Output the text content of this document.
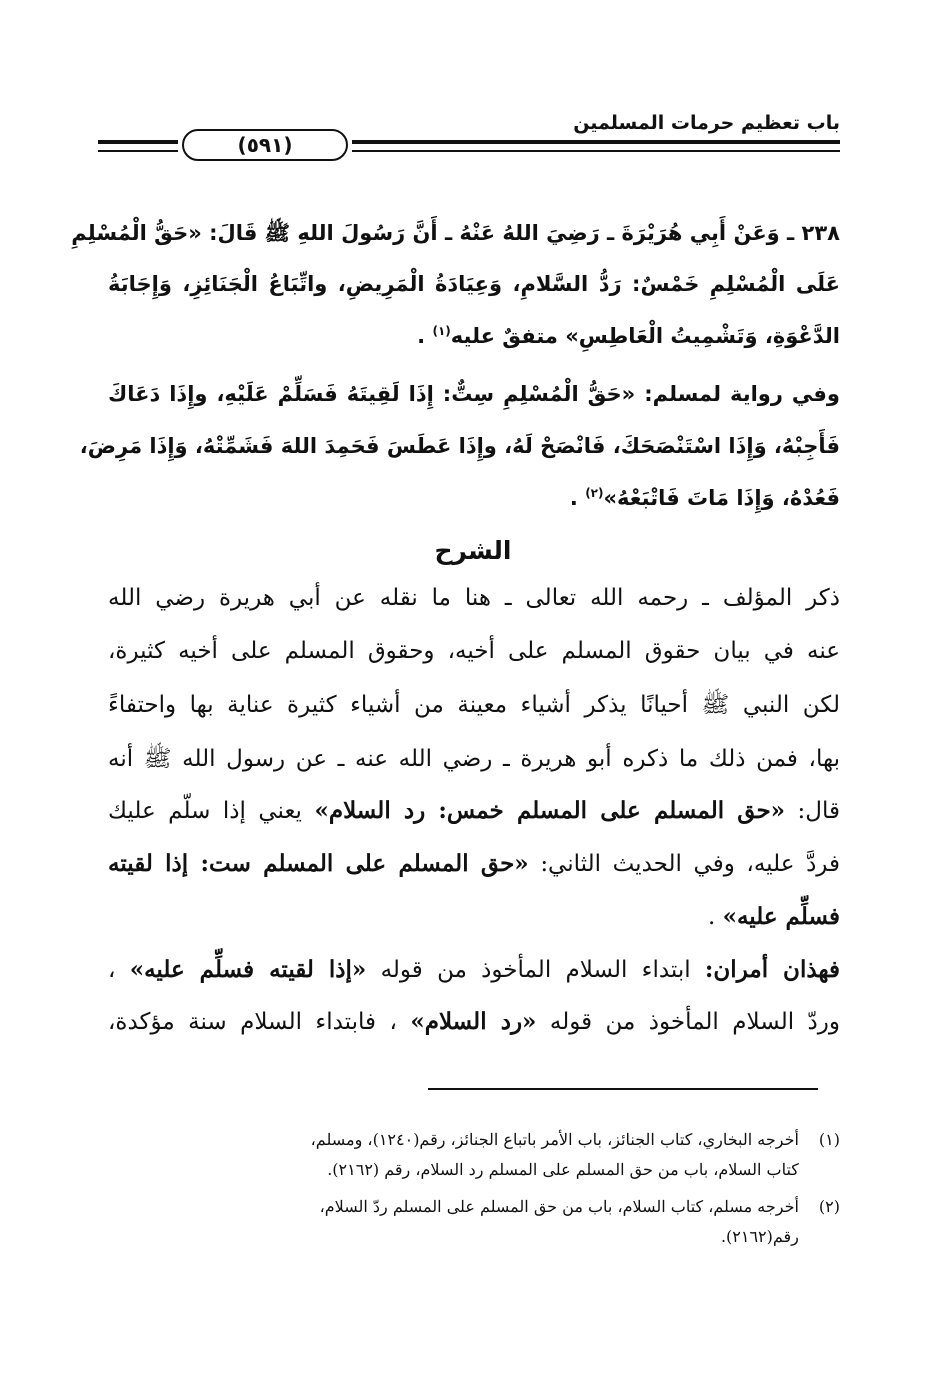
باب تعظيم حرمات المسلمين
(٥٩١)
٢٣٨ ـ وَعَنْ أَبِي هُرَيْرَةَ ـ رَضِيَ اللهُ عَنْهُ ـ أَنَّ رَسُولَ اللهِ ﷺ قَالَ: «حَقُّ الْمُسْلِمِ
عَلَى الْمُسْلِمِ خَمْسٌ: رَدُّ السَّلامِ، وَعِيَادَةُ الْمَرِيضِ، واتِّبَاعُ الْجَنَائِزِ، وَإِجَابَةُ
الدَّعْوَةِ، وَتَشْمِيتُ الْعَاطِسِ» متفقٌ عليه$^{(١)}$ .
وفي رواية لمسلم: «حَقُّ الْمُسْلِمِ سِتٌّ: إِذَا لَقِيتَهُ فَسَلِّمْ عَلَيْهِ، وإِذَا دَعَاكَ
فَأَجِبْهُ، وَإِذَا اسْتَنْصَحَكَ، فَانْصَحْ لَهُ، وإِذَا عَطَسَ فَحَمِدَ اللهَ فَشَمِّتْهُ، وَإِذَا مَرِضَ،
فَعُدْهُ، وَإِذَا مَاتَ فَاتْبَعْهُ»$^{(٢)}$ .
الشرح
ذكر المؤلف ـ رحمه الله تعالى ـ هنا ما نقله عن أبي هريرة رضي الله
عنه في بيان حقوق المسلم على أخيه، وحقوق المسلم على أخيه كثيرة،
لكن النبي ﷺ أحيانًا يذكر أشياء معينة من أشياء كثيرة عناية بها واحتفاءً
بها، فمن ذلك ما ذكره أبو هريرة ـ رضي الله عنه ـ عن رسول الله ﷺ أنه
قال: «حق المسلم على المسلم خمس: رد السلام» يعني إذا سلّم عليك
فردَّ عليه، وفي الحديث الثاني: «حق المسلم على المسلم ست: إذا لقيته
فسلِّم عليه» .
فهذان أمران: ابتداء السلام المأخوذ من قوله «إذا لقيته فسلِّم عليه» ،
وردّ السلام المأخوذ من قوله «رد السلام» ، فابتداء السلام سنة مؤكدة،
(١) أخرجه البخاري، كتاب الجنائز، باب الأمر باتباع الجنائز، رقم(١٢٤٠)، ومسلم،
كتاب السلام، باب من حق المسلم على المسلم رد السلام، رقم (٢١٦٢).
(٢) أخرجه مسلم، كتاب السلام، باب من حق المسلم على المسلم ردّ السلام،
رقم(٢١٦٢).
